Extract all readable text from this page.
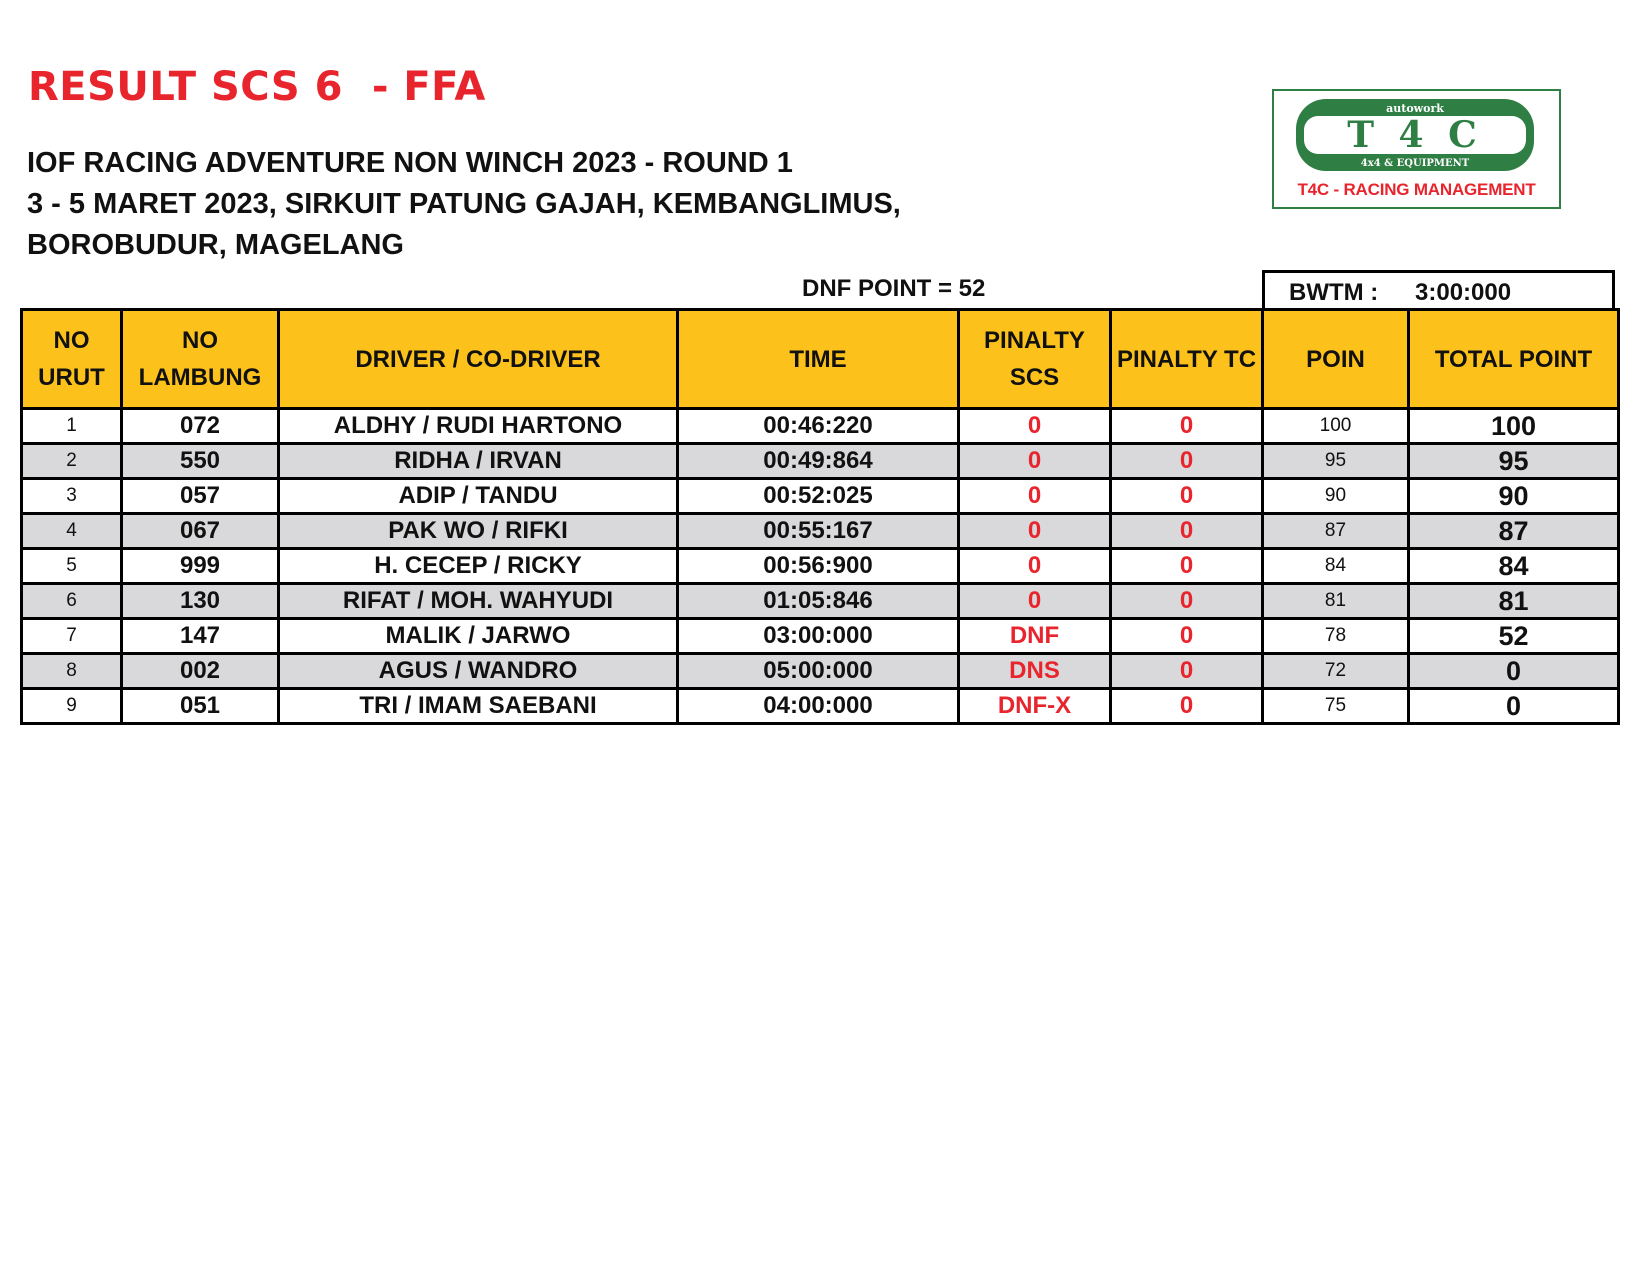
RESULT SCS 6  - FFA
IOF RACING ADVENTURE NON WINCH 2023 - ROUND 1
3 - 5 MARET 2023, SIRKUIT PATUNG GAJAH, KEMBANGLIMUS,
BOROBUDUR, MAGELANG
autowork
T 4 C
4x4 & EQUIPMENT
T4C - RACING MANAGEMENT
DNF POINT = 52	BWTM : 3:00:000
NO URUT	NO LAMBUNG	DRIVER / CO-DRIVER	TIME	PINALTY SCS	PINALTY TC	POIN	TOTAL POINT
1	072	ALDHY / RUDI HARTONO	00:46:220	0	0	100	100
2	550	RIDHA / IRVAN	00:49:864	0	0	95	95
3	057	ADIP / TANDU	00:52:025	0	0	90	90
4	067	PAK WO / RIFKI	00:55:167	0	0	87	87
5	999	H. CECEP / RICKY	00:56:900	0	0	84	84
6	130	RIFAT / MOH. WAHYUDI	01:05:846	0	0	81	81
7	147	MALIK / JARWO	03:00:000	DNF	0	78	52
8	002	AGUS / WANDRO	05:00:000	DNS	0	72	0
9	051	TRI / IMAM SAEBANI	04:00:000	DNF-X	0	75	0
